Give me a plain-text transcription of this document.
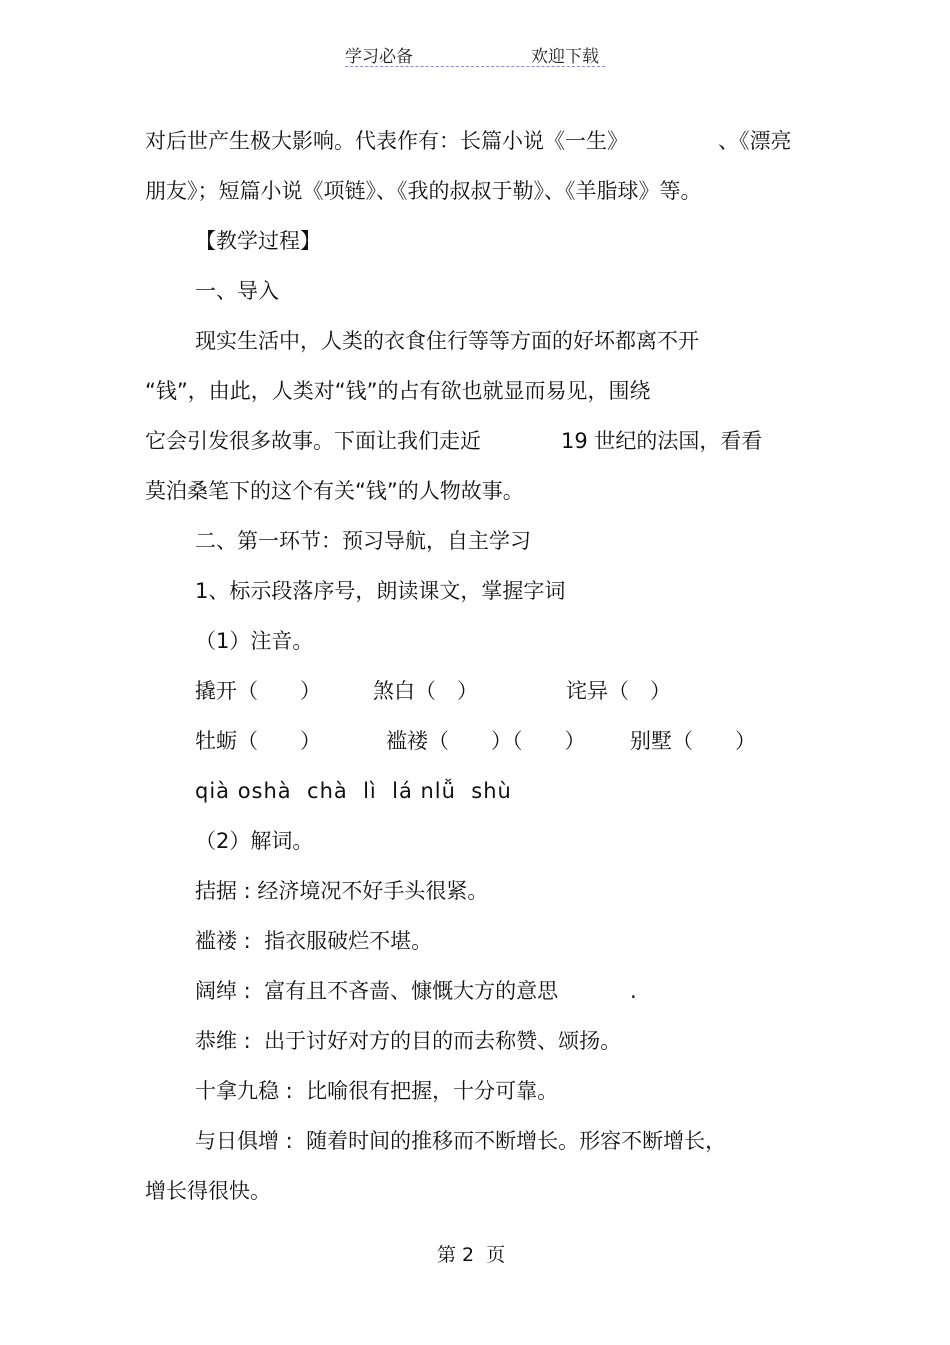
学习必备	欢迎下载
对后世产生极大影响。代表作有：长篇小说《一生》	、《漂亮
朋友》；短篇小说《项链》、《我的叔叔于勒》、《羊脂球》等。
【教学过程】
一、导入
现实生活中，人类的衣食住行等等方面的好坏都离不开
“钱”，由此，人类对“钱”的占有欲也就显而易见，围绕
它会引发很多故事。下面让我们走近	19 世纪的法国，看看
莫泊桑笔下的这个有关“钱”的人物故事。
二、第一环节：预习导航，自主学习
1、标示段落序号，朗读课文，掌握字词
（1）注音。
撬开（　　） 煞白（　）	诧异（　）
牡蛎（　　）	褴褛（　　）（　　） 别墅（　　）
qià oshà  chà  lì  lá nlǚ  shù
（2）解词。
拮据 : 经济境况不好手头很紧。
褴褛 :  指衣服破烂不堪。
阔绰 :  富有且不吝啬、慷慨大方的意思	.
恭维 :  出于讨好对方的目的而去称赞、颂扬。
十拿九稳 :  比喻很有把握，十分可靠。
与日俱增 :  随着时间的推移而不断增长。形容不断增长，
增长得很快。
第 2  页
